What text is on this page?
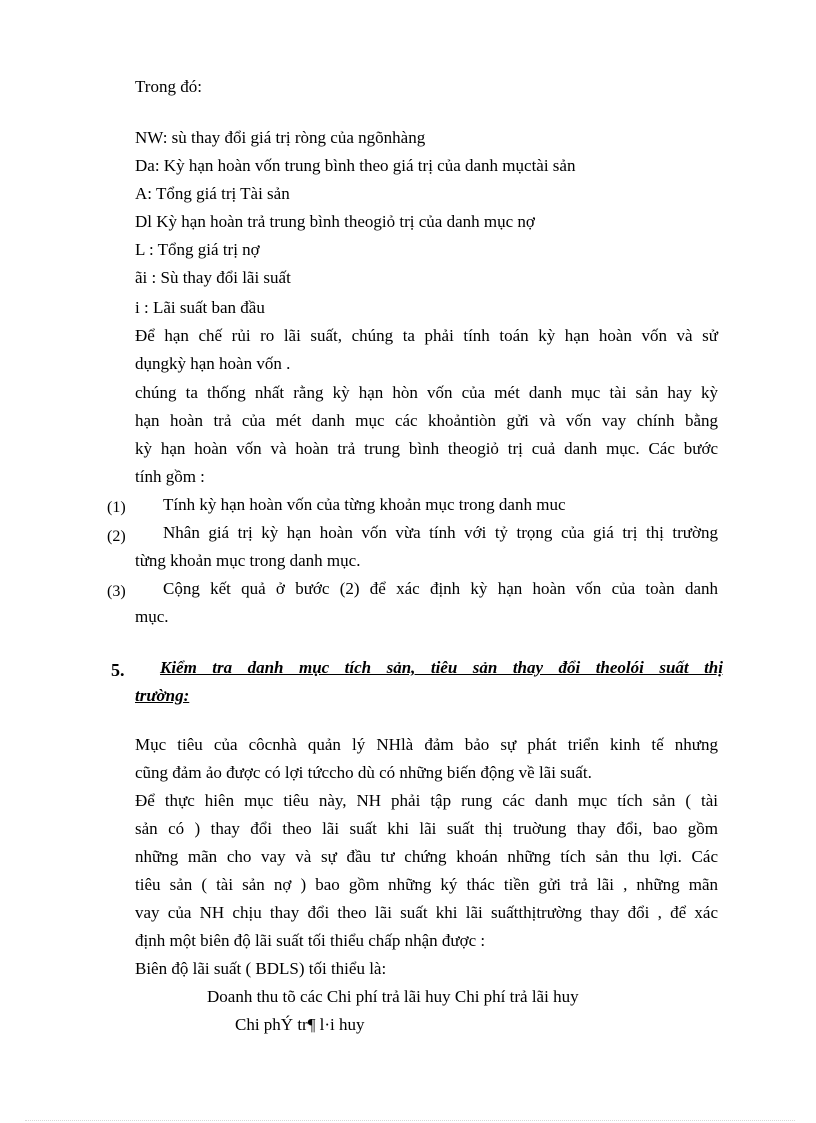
Trong đó:
NW: sù thay đổi giá trị ròng của ngõnhàng
Da: Kỳ hạn hoàn vốn trung bình theo giá trị của danh mụctài sản
A: Tổng giá trị Tài sản
Dl Kỳ hạn hoàn trả trung bình theogiỏ trị của danh mục nợ
L : Tổng giá trị nợ
ãi : Sù thay đổi lãi suất
i : Lãi suất ban đầu
Để hạn chế rủi ro lãi suất, chúng ta phải tính toán kỳ hạn hoàn vốn và sử
dụngkỳ hạn hoàn vốn .
chúng ta thống nhất rằng kỳ hạn hòn vốn của mét danh mục tài sản hay kỳ
hạn hoàn trả của mét danh mục các khoảntiòn gửi và vốn vay chính bằng
kỳ hạn hoàn vốn và hoàn trả trung bình theogiỏ trị cuả danh mục. Các bước
tính gồm :
(1) Tính kỳ hạn hoàn vốn của từng khoản mục trong danh muc
(2) Nhân giá trị kỳ hạn hoàn vốn vừa tính với tỷ trọng của giá trị thị trường
từng khoản mục trong danh mục.
(3) Cộng kết quả ở bước (2) để xác định kỳ hạn hoàn vốn của toàn danh
mục.
5. Kiểm tra danh mục tích sản, tiêu sản thay đổi theolói suất thị
trường:
Mục tiêu của côcnhà quản lý NHlà đảm bảo sự phát triển kinh tế nhưng
cũng đảm ảo được có lợi tứccho dù có những biến động về lãi suất.
Để thực hiên mục tiêu này, NH phải tập rung các danh mục tích sản ( tài
sản có ) thay đổi theo lãi suất khi lãi suất thị truờung thay đổi, bao gồm
những mãn cho vay và sự đầu tư chứng khoán những tích sản thu lợi. Các
tiêu sản ( tài sản nợ ) bao gồm những ký thác tiền gửi trả lãi , những mãn
vay của NH chịu thay đổi theo lãi suất khi lãi suấtthịtrường thay đổi , để xác
định một biên độ lãi suất tối thiểu chấp nhận được :
Biên độ lãi suất ( BDLS) tối thiểu là:
Doanh thu tõ các Chi phí trả lãi huy Chi phí trả lãi huy
Chi phÝ tr¶ l·i huy
